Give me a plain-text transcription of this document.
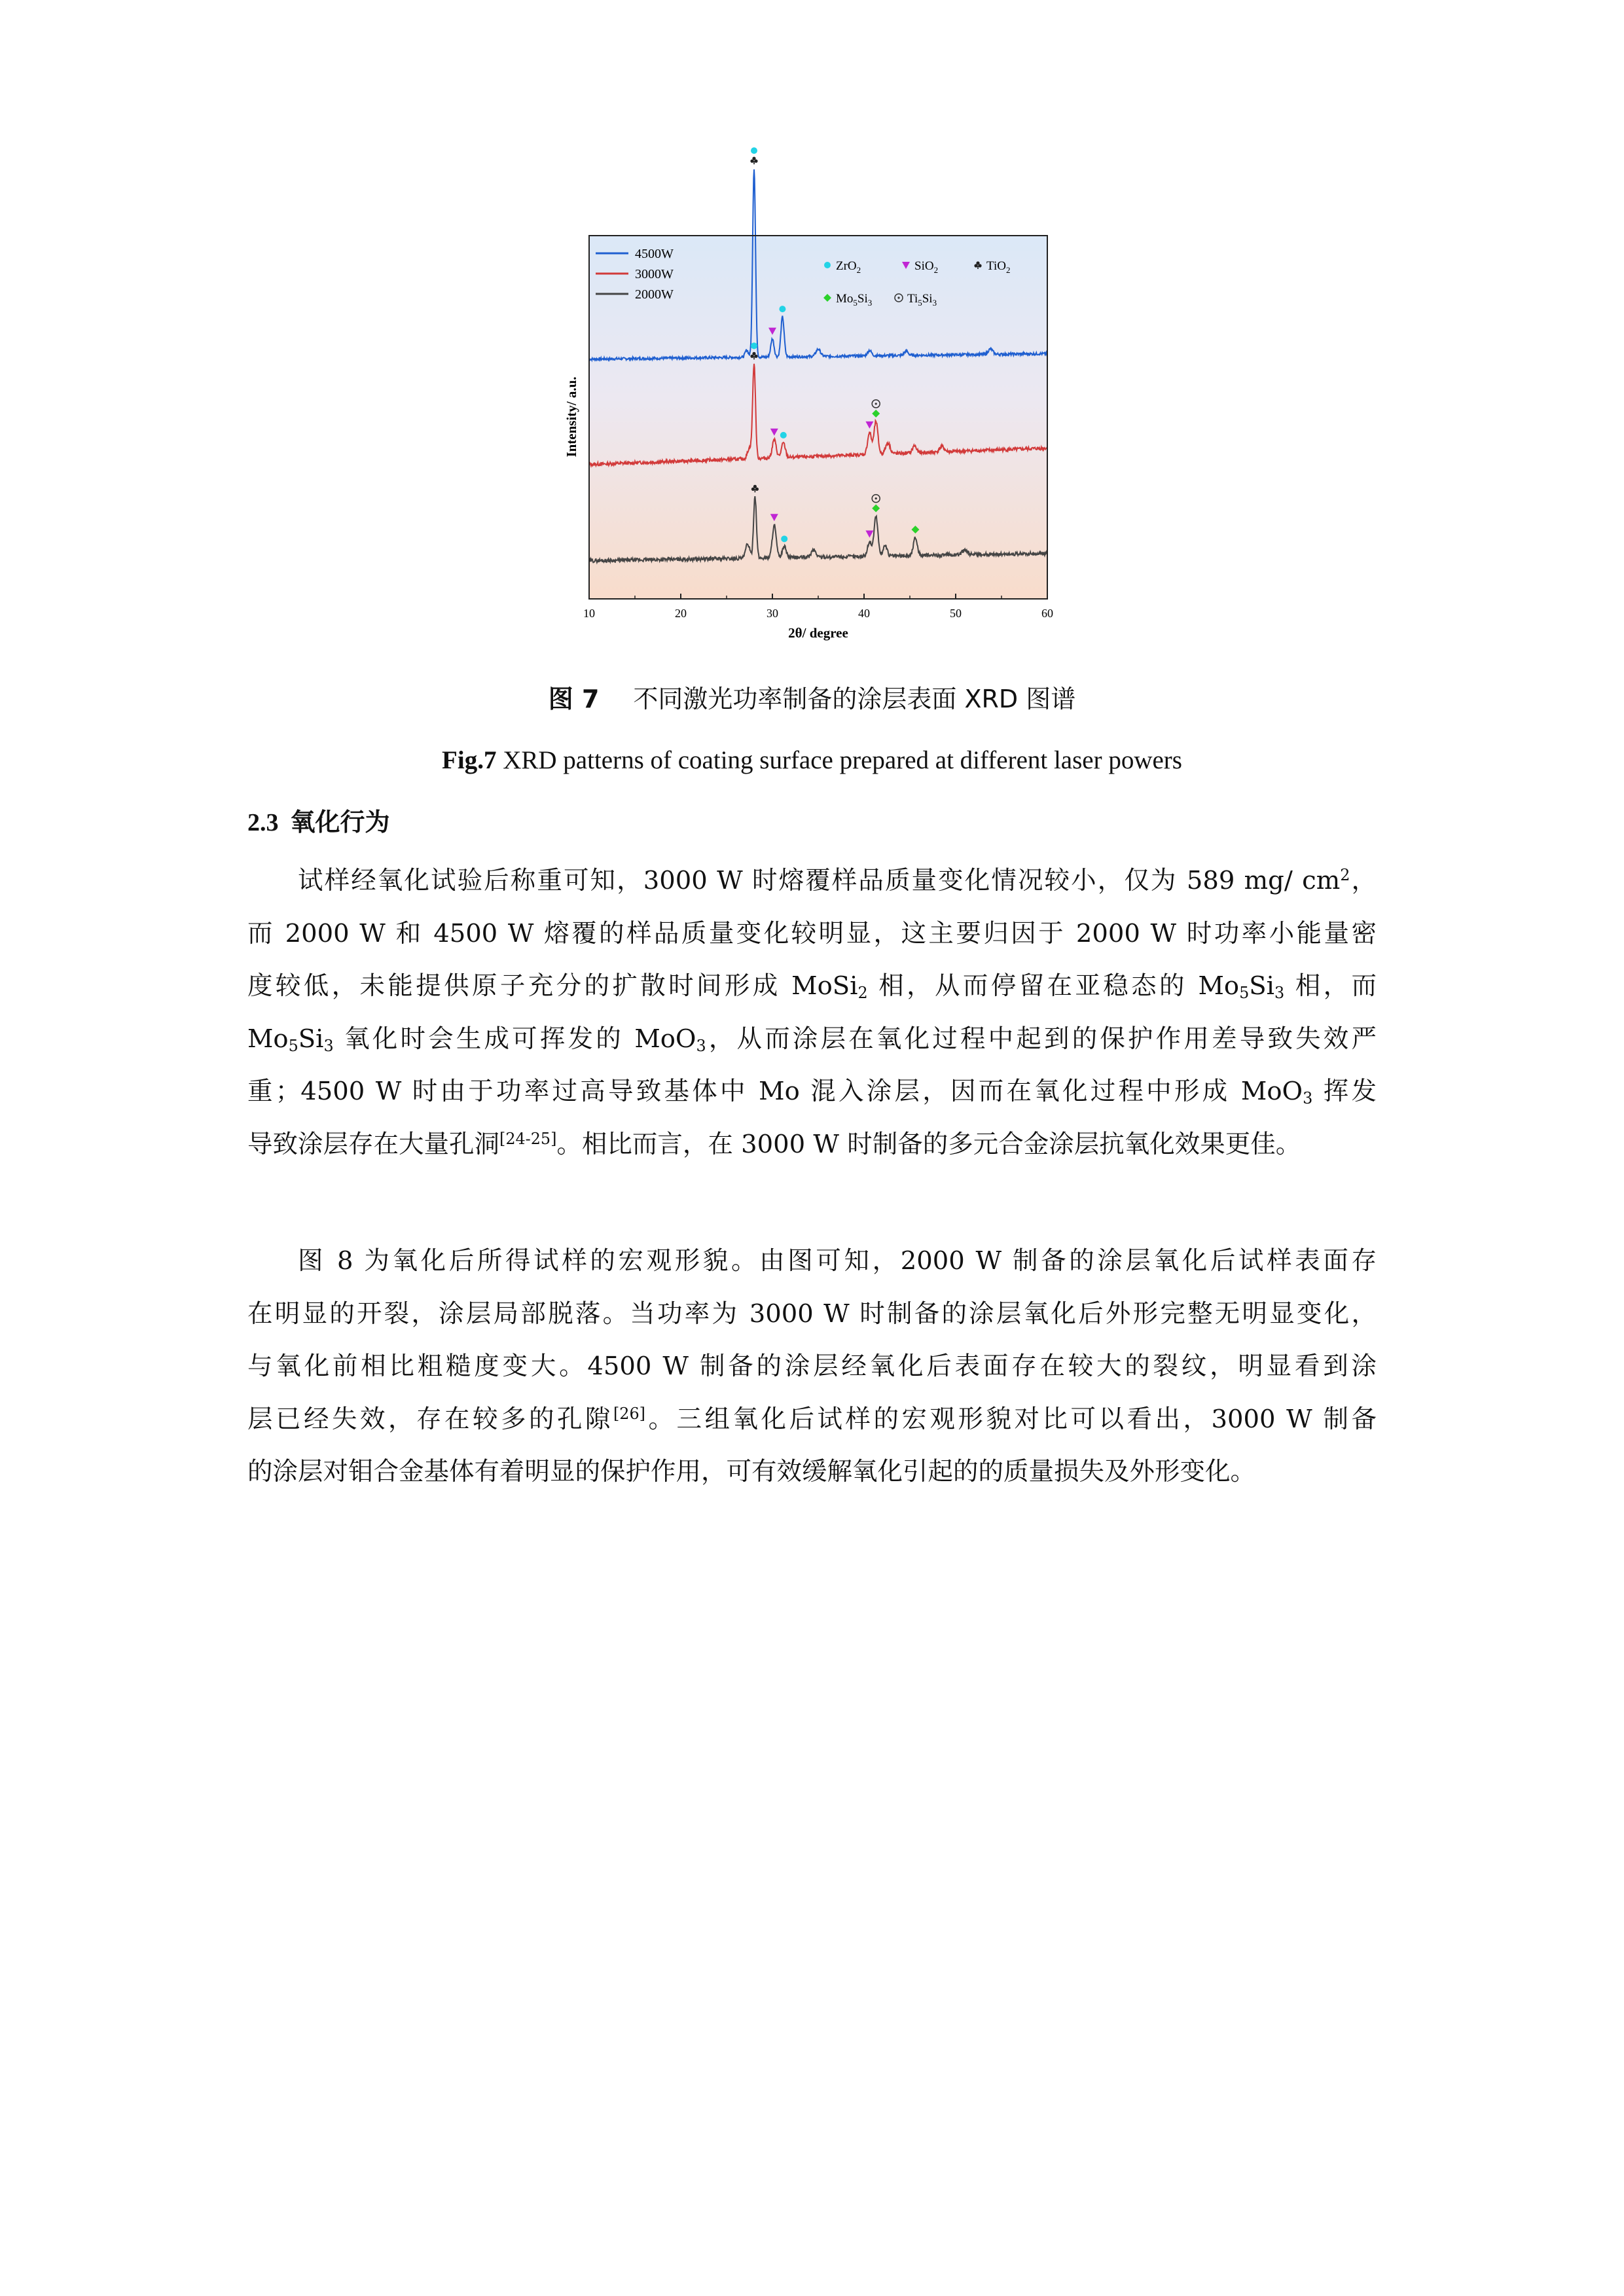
10	20	30	40	50	60
4500W
3000W
2000W
ZrO$_2$	SiO$_2$	TiO$_2$
$Mo_5Si_3$	$Ti_5Si_3$
2θ/ degree
Intensity/ a.u.
图 7 不同激光功率制备的涂层表面 XRD 图谱
Fig.7 XRD patterns of coating surface prepared at different laser powers
2.3 氧化行为
试样经氧化试验后称重可知，3000 W 时熔覆样品质量变化情况较小，仅为 589 mg/ $cm^2$，
而 2000 W 和 4500 W 熔覆的样品质量变化较明显，这主要归因于 2000 W 时功率小能量密
度较低，未能提供原子充分的扩散时间形成 MoSi$_2$ 相，从而停留在亚稳态的 $Mo_5Si_3$ 相，而
$Mo_5Si_3$ 氧化时会生成可挥发的 MoO$_3$，从而涂层在氧化过程中起到的保护作用差导致失效严
重；4500 W 时由于功率过高导致基体中 Mo 混入涂层，因而在氧化过程中形成 MoO$_3$ 挥发
导致涂层存在大量孔洞[24-25]。相比而言，在 3000 W 时制备的多元合金涂层抗氧化效果更佳。
图 8 为氧化后所得试样的宏观形貌。由图可知，2000 W 制备的涂层氧化后试样表面存
在明显的开裂，涂层局部脱落。当功率为 3000 W 时制备的涂层氧化后外形完整无明显变化，
与氧化前相比粗糙度变大。4500 W 制备的涂层经氧化后表面存在较大的裂纹，明显看到涂
层已经失效，存在较多的孔隙[26]。三组氧化后试样的宏观形貌对比可以看出，3000 W 制备
的涂层对钼合金基体有着明显的保护作用，可有效缓解氧化引起的的质量损失及外形变化。
